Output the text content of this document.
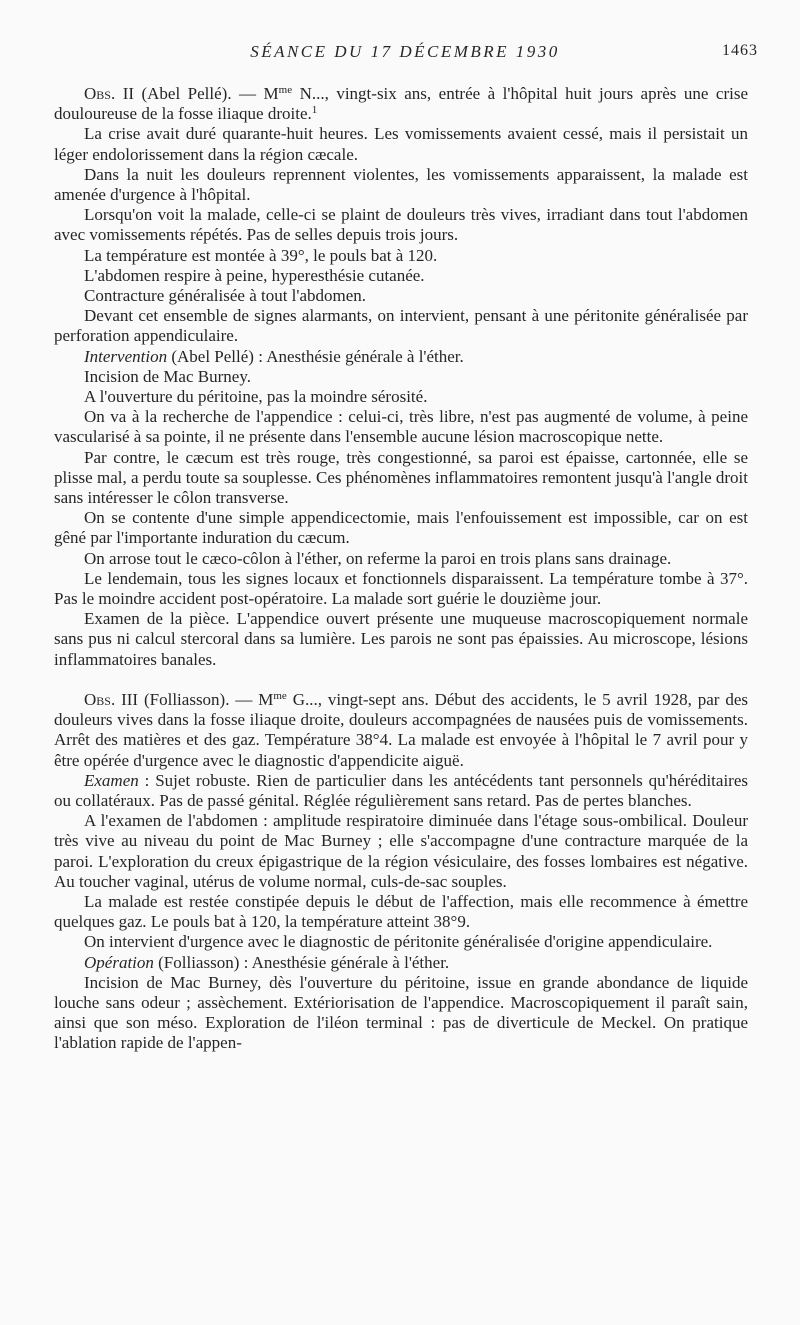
SÉANCE DU 17 DÉCEMBRE 1930	1463

Obs. II (Abel Pellé). — $M^{me}$ N..., vingt-six ans, entrée à l'hôpital huit jours après une crise douloureuse de la fosse iliaque droite.$^1$

La crise avait duré quarante-huit heures. Les vomissements avaient cessé, mais il persistait un léger endolorissement dans la région cæcale.

Dans la nuit les douleurs reprennent violentes, les vomissements apparaissent, la malade est amenée d'urgence à l'hôpital.

Lorsqu'on voit la malade, celle-ci se plaint de douleurs très vives, irradiant dans tout l'abdomen avec vomissements répétés. Pas de selles depuis trois jours.

La température est montée à 39°, le pouls bat à 120.

L'abdomen respire à peine, hyperesthésie cutanée.

Contracture généralisée à tout l'abdomen.

Devant cet ensemble de signes alarmants, on intervient, pensant à une péritonite généralisée par perforation appendiculaire.

Intervention (Abel Pellé) : Anesthésie générale à l'éther.

Incision de Mac Burney.

A l'ouverture du péritoine, pas la moindre sérosité.

On va à la recherche de l'appendice : celui-ci, très libre, n'est pas augmenté de volume, à peine vascularisé à sa pointe, il ne présente dans l'ensemble aucune lésion macroscopique nette.

Par contre, le cæcum est très rouge, très congestionné, sa paroi est épaisse, cartonnée, elle se plisse mal, a perdu toute sa souplesse. Ces phénomènes inflammatoires remontent jusqu'à l'angle droit sans intéresser le côlon transverse.

On se contente d'une simple appendicectomie, mais l'enfouissement est impossible, car on est gêné par l'importante induration du cæcum.

On arrose tout le cæco-côlon à l'éther, on referme la paroi en trois plans sans drainage.

Le lendemain, tous les signes locaux et fonctionnels disparaissent. La température tombe à 37°. Pas le moindre accident post-opératoire. La malade sort guérie le douzième jour.

Examen de la pièce. L'appendice ouvert présente une muqueuse macroscopiquement normale sans pus ni calcul stercoral dans sa lumière. Les parois ne sont pas épaissies. Au microscope, lésions inflammatoires banales.

Obs. III (Folliasson). — $M^{me}$ G..., vingt-sept ans. Début des accidents, le 5 avril 1928, par des douleurs vives dans la fosse iliaque droite, douleurs accompagnées de nausées puis de vomissements. Arrêt des matières et des gaz. Température 38°4. La malade est envoyée à l'hôpital le 7 avril pour y être opérée d'urgence avec le diagnostic d'appendicite aiguë.

Examen : Sujet robuste. Rien de particulier dans les antécédents tant personnels qu'héréditaires ou collatéraux. Pas de passé génital. Réglée régulièrement sans retard. Pas de pertes blanches.

A l'examen de l'abdomen : amplitude respiratoire diminuée dans l'étage sous-ombilical. Douleur très vive au niveau du point de Mac Burney ; elle s'accompagne d'une contracture marquée de la paroi. L'exploration du creux épigastrique de la région vésiculaire, des fosses lombaires est négative. Au toucher vaginal, utérus de volume normal, culs-de-sac souples.

La malade est restée constipée depuis le début de l'affection, mais elle recommence à émettre quelques gaz. Le pouls bat à 120, la température atteint 38°9.

On intervient d'urgence avec le diagnostic de péritonite généralisée d'origine appendiculaire.

Opération (Folliasson) : Anesthésie générale à l'éther.

Incision de Mac Burney, dès l'ouverture du péritoine, issue en grande abondance de liquide louche sans odeur ; assèchement. Extériorisation de l'appendice. Macroscopiquement il paraît sain, ainsi que son méso. Exploration de l'iléon terminal : pas de diverticule de Meckel. On pratique l'ablation rapide de l'appen-
